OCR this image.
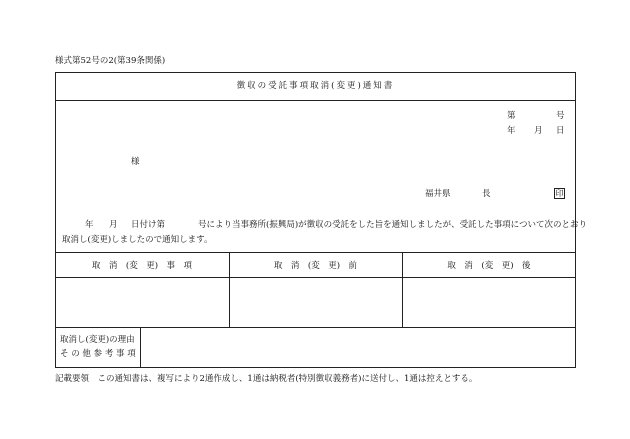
様式第52号の2(第39条関係)
徴収の受託事項取消(変更)通知書
第	号
年 月 日
様
福井県	長	印
年 月 日付け第	号により当事務所(振興局)が徴収の受託をした旨を通知しましたが、受託した事項について次のとおり
取消し(変更)しましたので通知します。
取　消　(変　更)　事　項	取　消　(変　更)　前	取　消　(変　更)　後
取消し(変更)の理由
そ の 他 参 考 事 項
記載要領　この通知書は、複写により2通作成し、1通は納税者(特別徴収義務者)に送付し、1通は控えとする。
